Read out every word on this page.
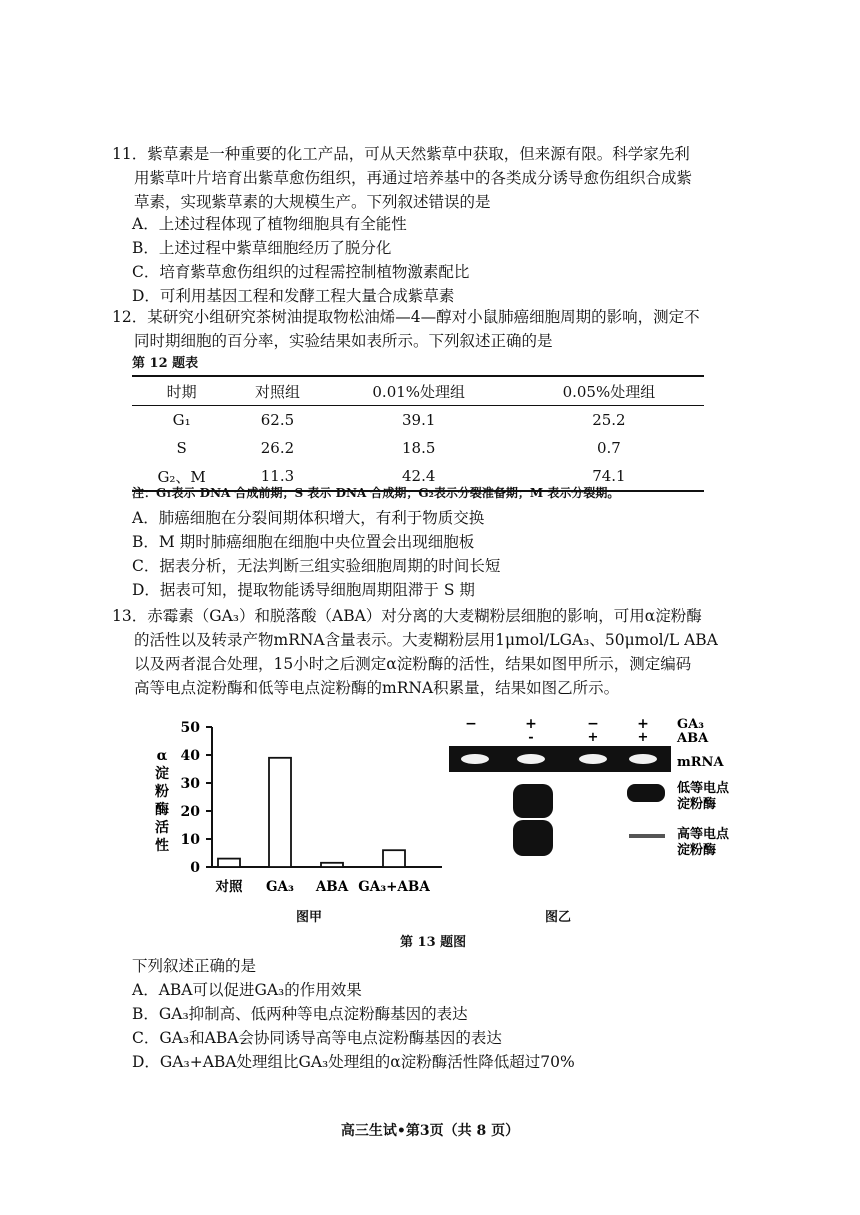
11．紫草素是一种重要的化工产品，可从天然紫草中获取，但来源有限。科学家先利
用紫草叶片培育出紫草愈伤组织，再通过培养基中的各类成分诱导愈伤组织合成紫
草素，实现紫草素的大规模生产。下列叙述错误的是
A．上述过程体现了植物细胞具有全能性
B．上述过程中紫草细胞经历了脱分化
C．培育紫草愈伤组织的过程需控制植物激素配比
D．可利用基因工程和发酵工程大量合成紫草素
12．某研究小组研究茶树油提取物松油烯—4—醇对小鼠肺癌细胞周期的影响，测定不
同时期细胞的百分率，实验结果如表所示。下列叙述正确的是
第 12 题表
时期	对照组	0.01%处理组	0.05%处理组
G₁	62.5	39.1	25.2
S	26.2	18.5	0.7
G₂、M	11.3	42.4	74.1
注：G₁表示 DNA 合成前期；S 表示 DNA 合成期；G₂表示分裂准备期；M 表示分裂期。
A．肺癌细胞在分裂间期体积增大，有利于物质交换
B．M 期时肺癌细胞在细胞中央位置会出现细胞板
C．据表分析，无法判断三组实验细胞周期的时间长短
D．据表可知，提取物能诱导细胞周期阻滞于 S 期
13．赤霉素（GA₃）和脱落酸（ABA）对分离的大麦糊粉层细胞的影响，可用α淀粉酶
的活性以及转录产物mRNA含量表示。大麦糊粉层用1μmol/LGA₃、50μmol/L ABA
以及两者混合处理，15小时之后测定α淀粉酶的活性，结果如图甲所示，测定编码
高等电点淀粉酶和低等电点淀粉酶的mRNA积累量，结果如图乙所示。
α
淀
粉
酶
活
性
0
10
20
30
40
50
对照 GA₃ ABA GA₃+ABA
图甲
−	+	−	+
-	+	+
GA₃
ABA
mRNA
低等电点
淀粉酶
高等电点
淀粉酶
图乙
第 13 题图
下列叙述正确的是
A．ABA可以促进GA₃的作用效果
B．GA₃抑制高、低两种等电点淀粉酶基因的表达
C．GA₃和ABA会协同诱导高等电点淀粉酶基因的表达
D．GA₃+ABA处理组比GA₃处理组的α淀粉酶活性降低超过70%
高三生试•第3页（共 8 页）
